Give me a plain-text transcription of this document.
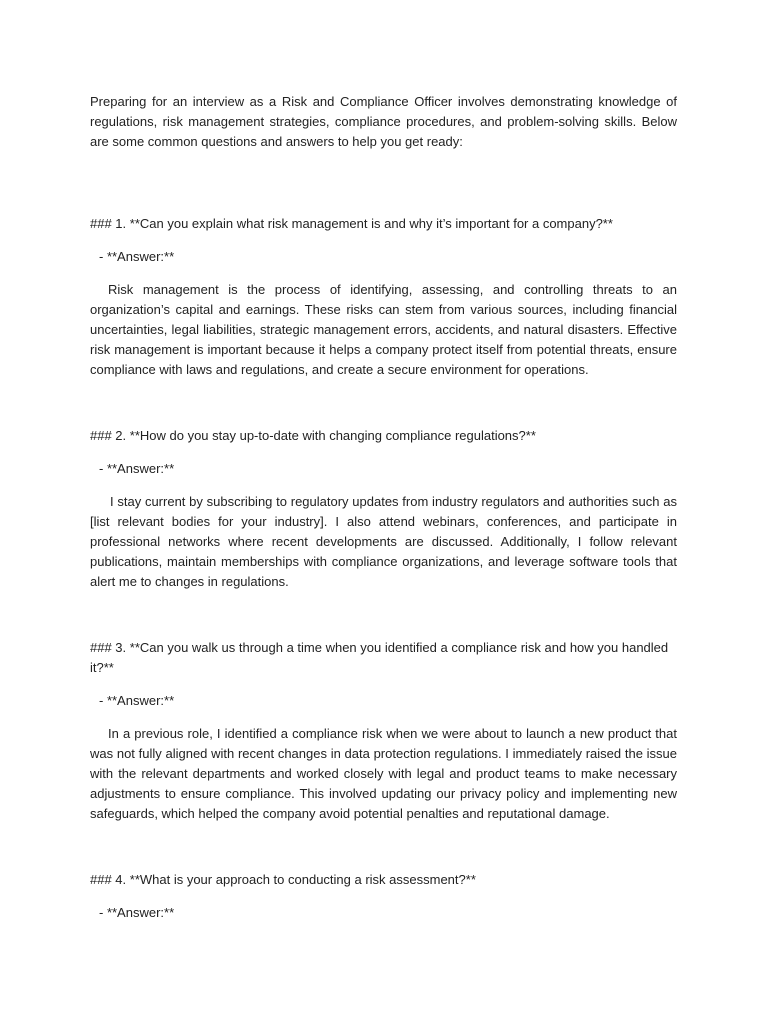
Preparing for an interview as a Risk and Compliance Officer involves demonstrating knowledge of regulations, risk management strategies, compliance procedures, and problem-solving skills. Below are some common questions and answers to help you get ready:

### 1. **Can you explain what risk management is and why it’s important for a company?**

- **Answer:**

Risk management is the process of identifying, assessing, and controlling threats to an organization’s capital and earnings. These risks can stem from various sources, including financial uncertainties, legal liabilities, strategic management errors, accidents, and natural disasters. Effective risk management is important because it helps a company protect itself from potential threats, ensure compliance with laws and regulations, and create a secure environment for operations.

### 2. **How do you stay up-to-date with changing compliance regulations?**

- **Answer:**

I stay current by subscribing to regulatory updates from industry regulators and authorities such as [list relevant bodies for your industry]. I also attend webinars, conferences, and participate in professional networks where recent developments are discussed. Additionally, I follow relevant publications, maintain memberships with compliance organizations, and leverage software tools that alert me to changes in regulations.

### 3. **Can you walk us through a time when you identified a compliance risk and how you handled it?**

- **Answer:**

In a previous role, I identified a compliance risk when we were about to launch a new product that was not fully aligned with recent changes in data protection regulations. I immediately raised the issue with the relevant departments and worked closely with legal and product teams to make necessary adjustments to ensure compliance. This involved updating our privacy policy and implementing new safeguards, which helped the company avoid potential penalties and reputational damage.

### 4. **What is your approach to conducting a risk assessment?**

- **Answer:**
